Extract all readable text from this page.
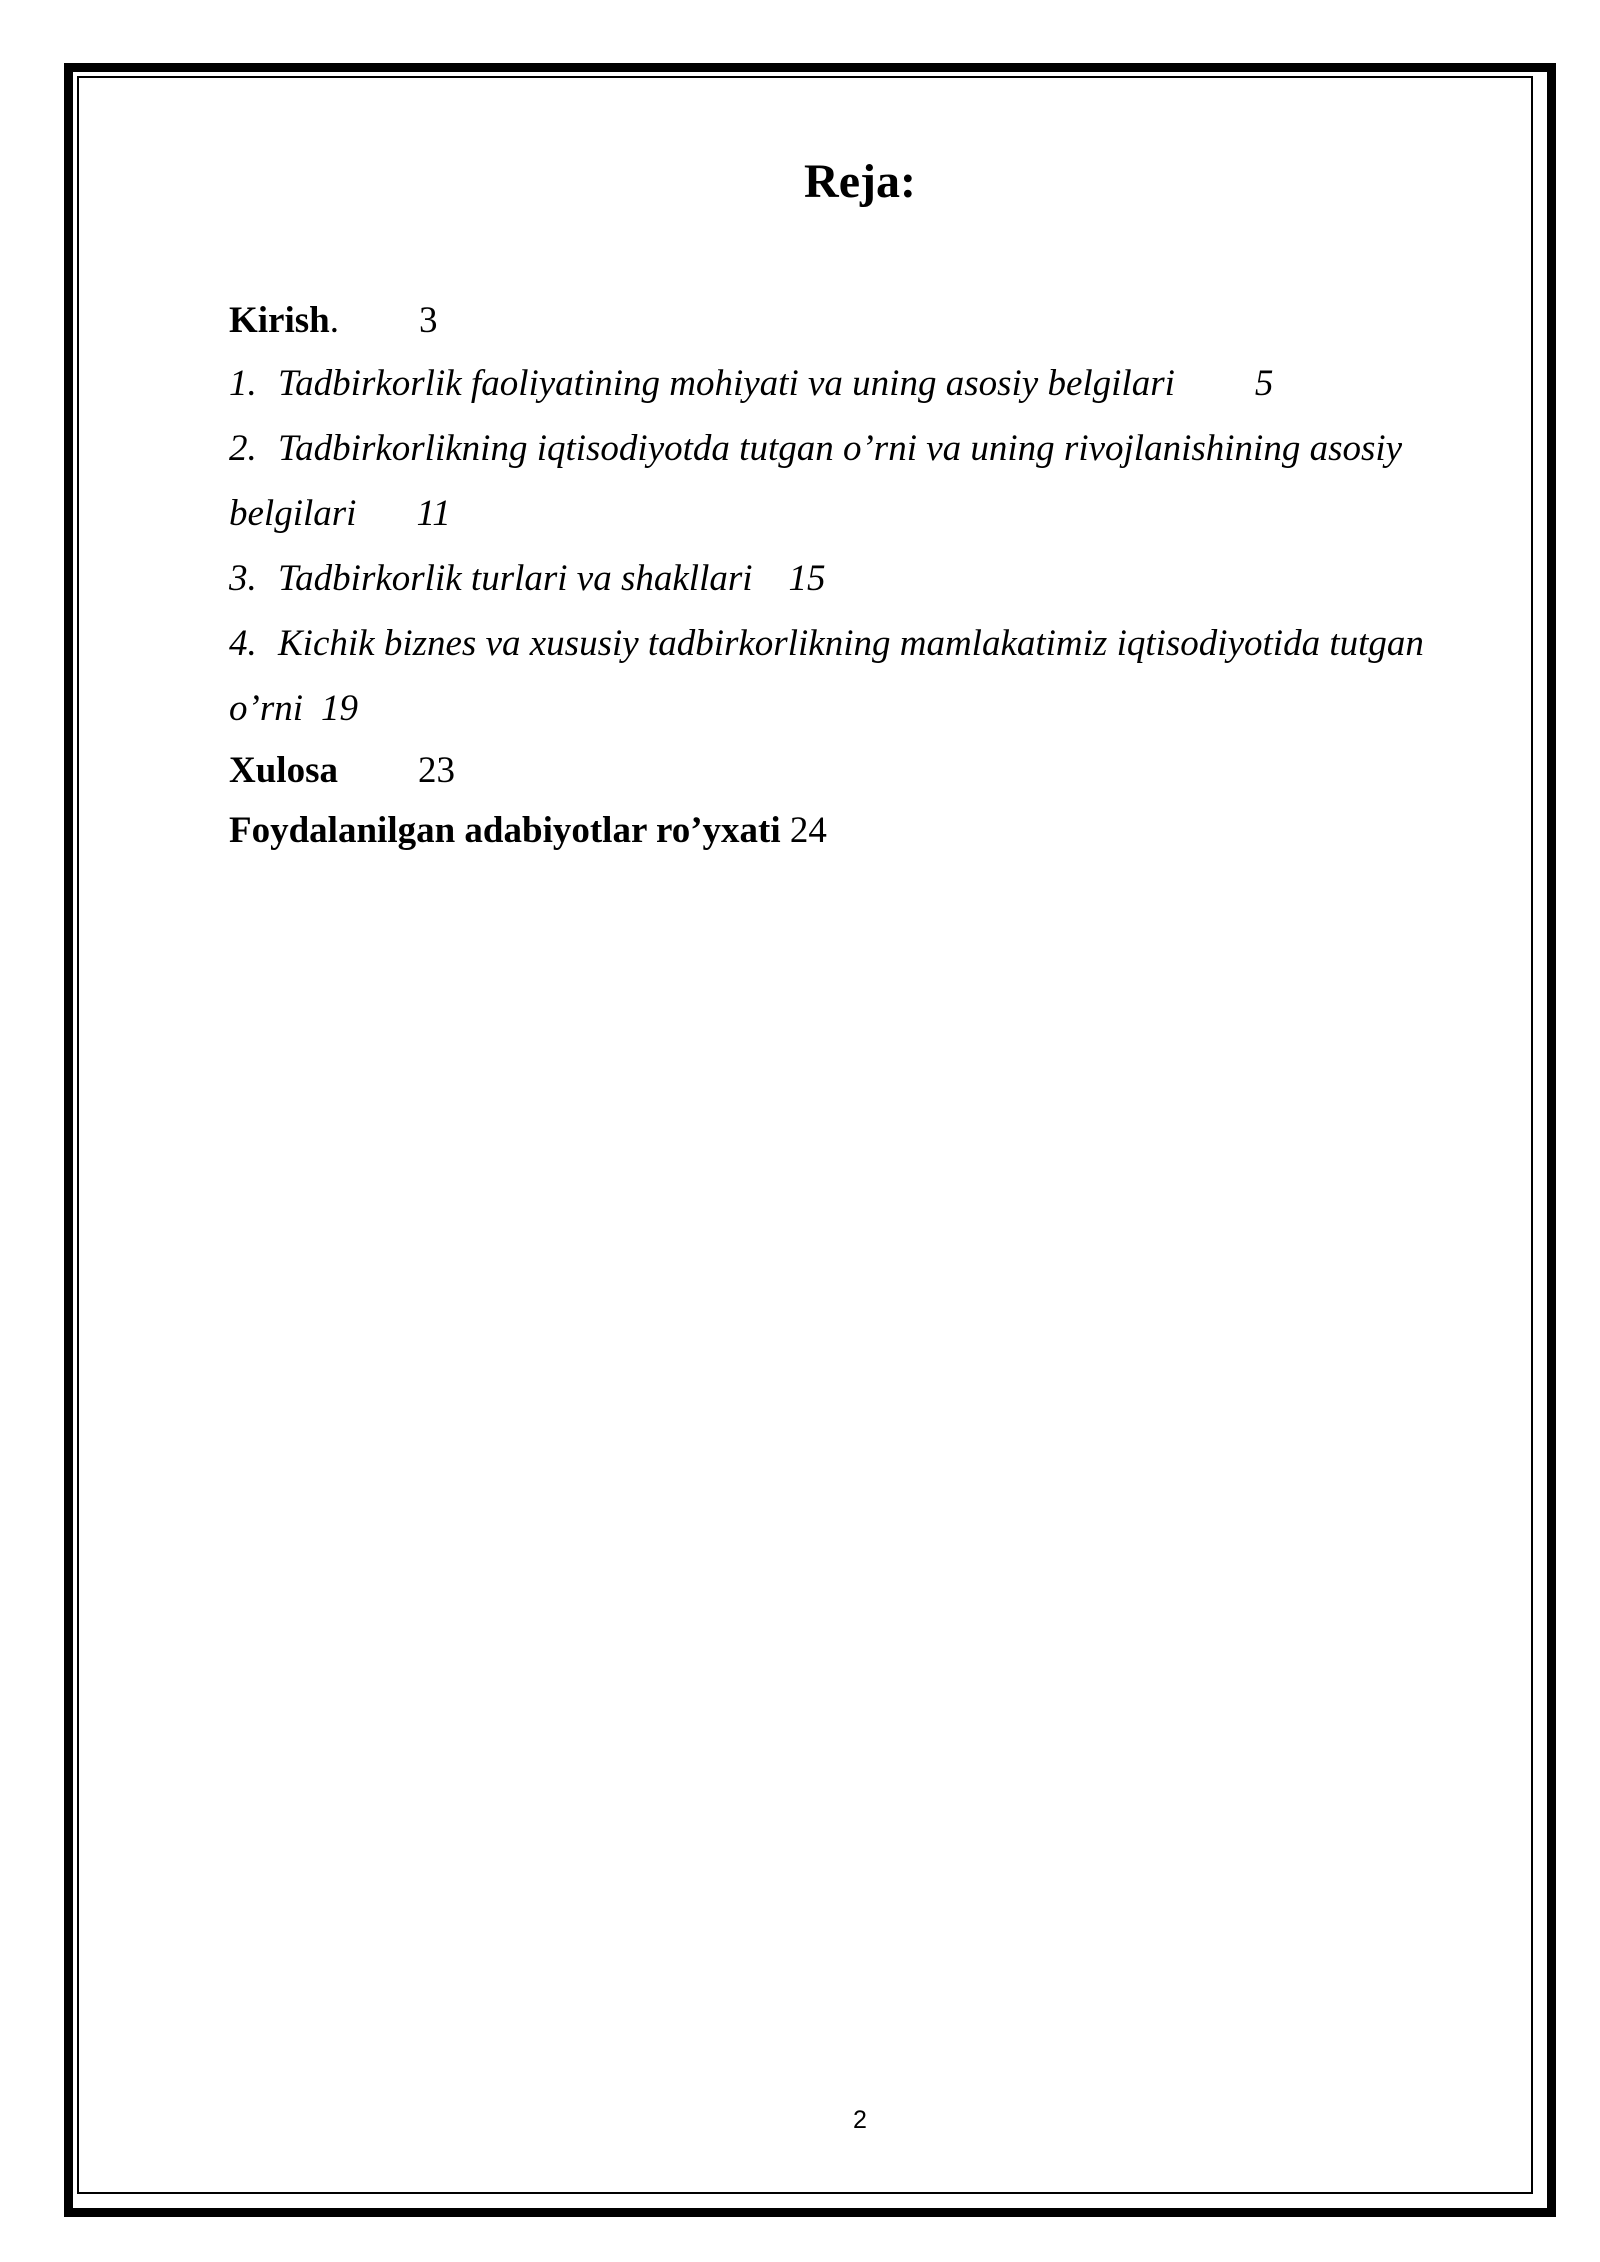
Reja:
Kirish. 3
1. Tadbirkorlik faoliyatining mohiyati va uning asosiy belgilari 5
2. Tadbirkorlikning iqtisodiyotda tutgan o’rni va uning rivojlanishining asosiy
belgilari 11
3. Tadbirkorlik turlari va shakllari 15
4. Kichik biznes va xususiy tadbirkorlikning mamlakatimiz iqtisodiyotida tutgan
o’rni 19
Xulosa 23
Foydalanilgan adabiyotlar ro’yxati 24
2
